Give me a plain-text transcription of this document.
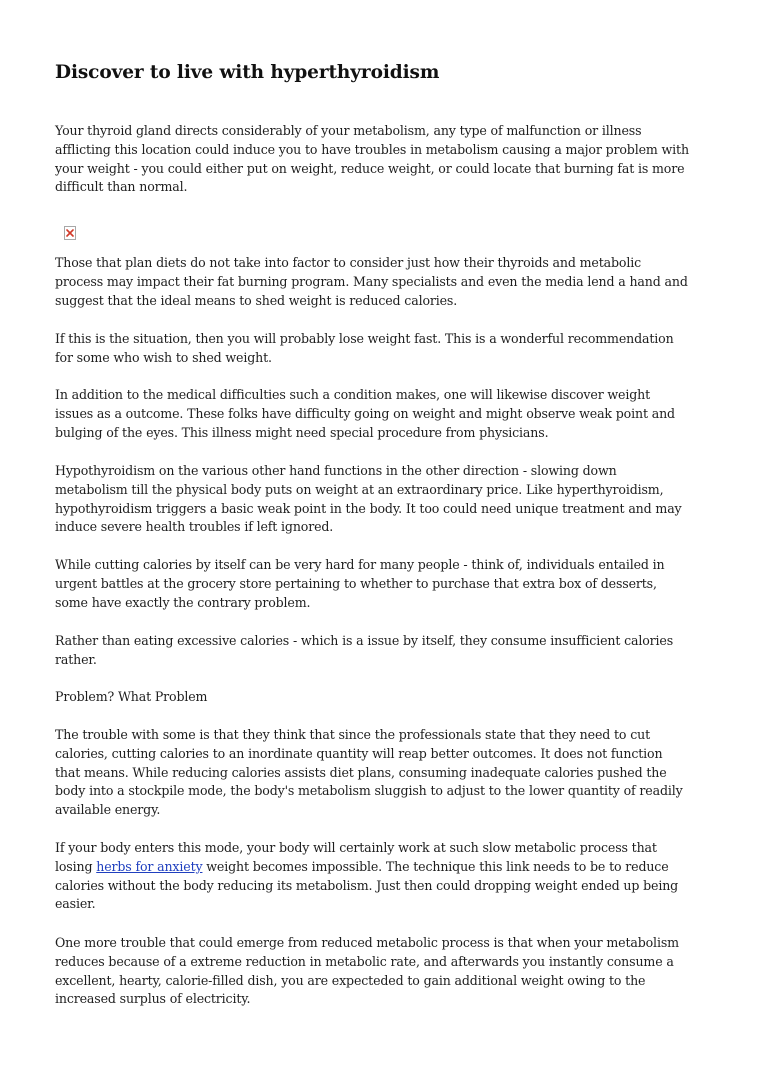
Discover to live with hyperthyroidism
Your thyroid gland directs considerably of your metabolism, any type of malfunction or illness
afflicting this location could induce you to have troubles in metabolism causing a major problem with
your weight - you could either put on weight, reduce weight, or could locate that burning fat is more
difficult than normal.
Those that plan diets do not take into factor to consider just how their thyroids and metabolic
process may impact their fat burning program. Many specialists and even the media lend a hand and
suggest that the ideal means to shed weight is reduced calories.
If this is the situation, then you will probably lose weight fast. This is a wonderful recommendation
for some who wish to shed weight.
In addition to the medical difficulties such a condition makes, one will likewise discover weight
issues as a outcome. These folks have difficulty going on weight and might observe weak point and
bulging of the eyes. This illness might need special procedure from physicians.
Hypothyroidism on the various other hand functions in the other direction - slowing down
metabolism till the physical body puts on weight at an extraordinary price. Like hyperthyroidism,
hypothyroidism triggers a basic weak point in the body. It too could need unique treatment and may
induce severe health troubles if left ignored.
While cutting calories by itself can be very hard for many people - think of, individuals entailed in
urgent battles at the grocery store pertaining to whether to purchase that extra box of desserts,
some have exactly the contrary problem.
Rather than eating excessive calories - which is a issue by itself, they consume insufficient calories
rather.
Problem? What Problem
The trouble with some is that they think that since the professionals state that they need to cut
calories, cutting calories to an inordinate quantity will reap better outcomes. It does not function
that means. While reducing calories assists diet plans, consuming inadequate calories pushed the
body into a stockpile mode, the body's metabolism sluggish to adjust to the lower quantity of readily
available energy.
If your body enters this mode, your body will certainly work at such slow metabolic process that
losing herbs for anxiety weight becomes impossible. The technique this link needs to be to reduce
calories without the body reducing its metabolism. Just then could dropping weight ended up being
easier.
One more trouble that could emerge from reduced metabolic process is that when your metabolism
reduces because of a extreme reduction in metabolic rate, and afterwards you instantly consume a
excellent, hearty, calorie-filled dish, you are expecteded to gain additional weight owing to the
increased surplus of electricity.
